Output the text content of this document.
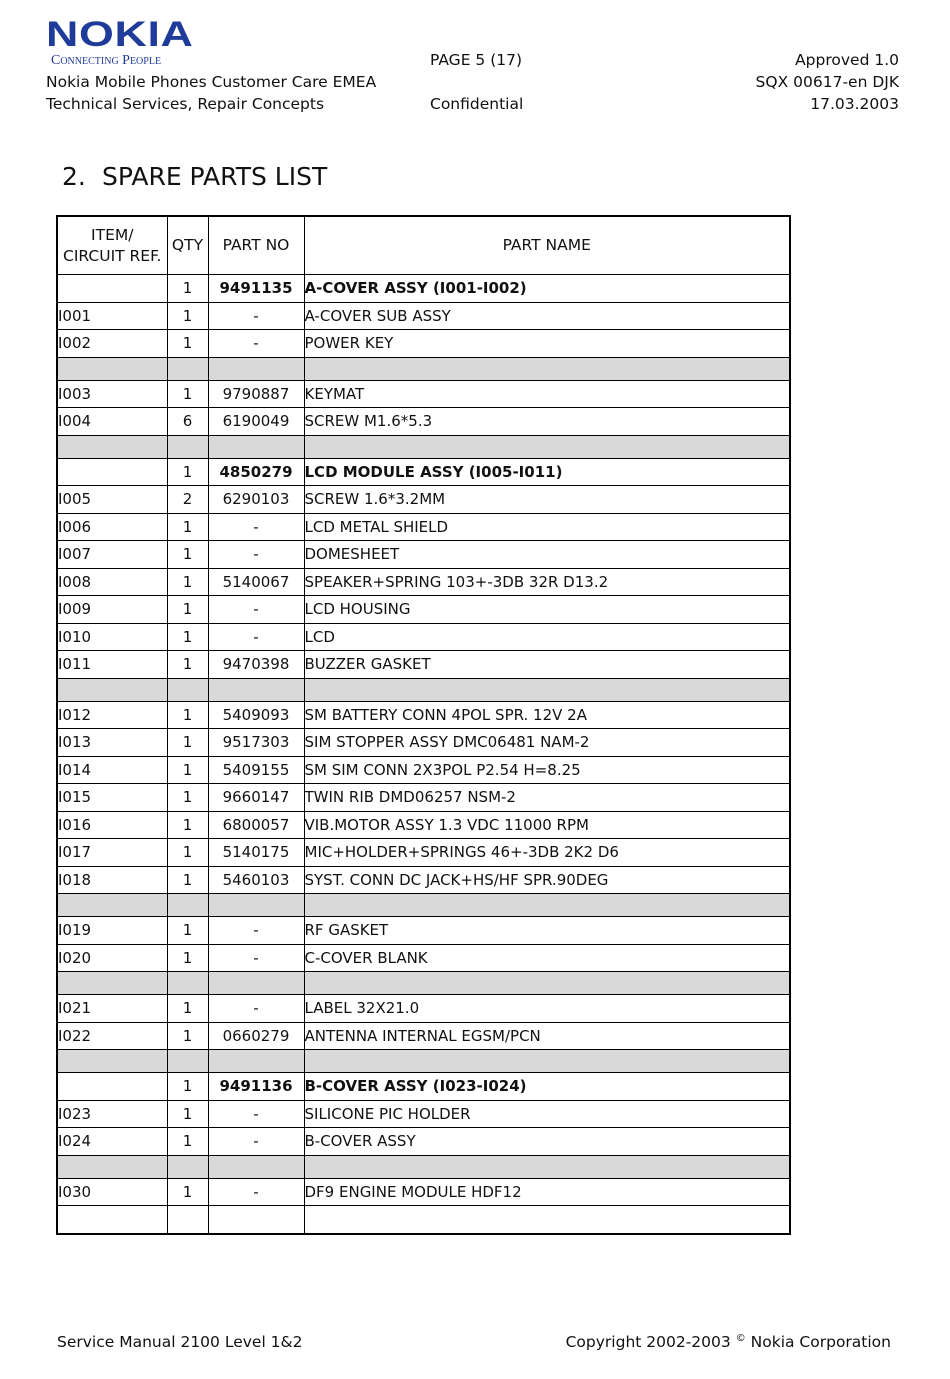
NOKIA
Connecting People
Nokia Mobile Phones Customer Care EMEA
Technical Services, Repair Concepts
PAGE 5 (17)
Confidential
Approved 1.0
SQX 00617-en DJK
17.03.2003
2. SPARE PARTS LIST
ITEM/
CIRCUIT REF.	QTY	PART NO	PART NAME
	1	9491135	A-COVER ASSY (I001-I002)
I001	1	-	A-COVER SUB ASSY
I002	1	-	POWER KEY

I003	1	9790887	KEYMAT
I004	6	6190049	SCREW M1.6*5.3

	1	4850279	LCD MODULE ASSY (I005-I011)
I005	2	6290103	SCREW 1.6*3.2MM
I006	1	-	LCD METAL SHIELD
I007	1	-	DOMESHEET
I008	1	5140067	SPEAKER+SPRING 103+-3DB 32R D13.2
I009	1	-	LCD HOUSING
I010	1	-	LCD
I011	1	9470398	BUZZER GASKET

I012	1	5409093	SM BATTERY CONN 4POL SPR. 12V 2A
I013	1	9517303	SIM STOPPER ASSY DMC06481 NAM-2
I014	1	5409155	SM SIM CONN 2X3POL P2.54 H=8.25
I015	1	9660147	TWIN RIB DMD06257 NSM-2
I016	1	6800057	VIB.MOTOR ASSY 1.3 VDC 11000 RPM
I017	1	5140175	MIC+HOLDER+SPRINGS 46+-3DB 2K2 D6
I018	1	5460103	SYST. CONN DC JACK+HS/HF SPR.90DEG

I019	1	-	RF GASKET
I020	1	-	C-COVER BLANK

I021	1	-	LABEL 32X21.0
I022	1	0660279	ANTENNA INTERNAL EGSM/PCN

	1	9491136	B-COVER ASSY (I023-I024)
I023	1	-	SILICONE PIC HOLDER
I024	1	-	B-COVER ASSY

I030	1	-	DF9 ENGINE MODULE HDF12

Service Manual 2100 Level 1&2	Copyright 2002-2003 © Nokia Corporation
